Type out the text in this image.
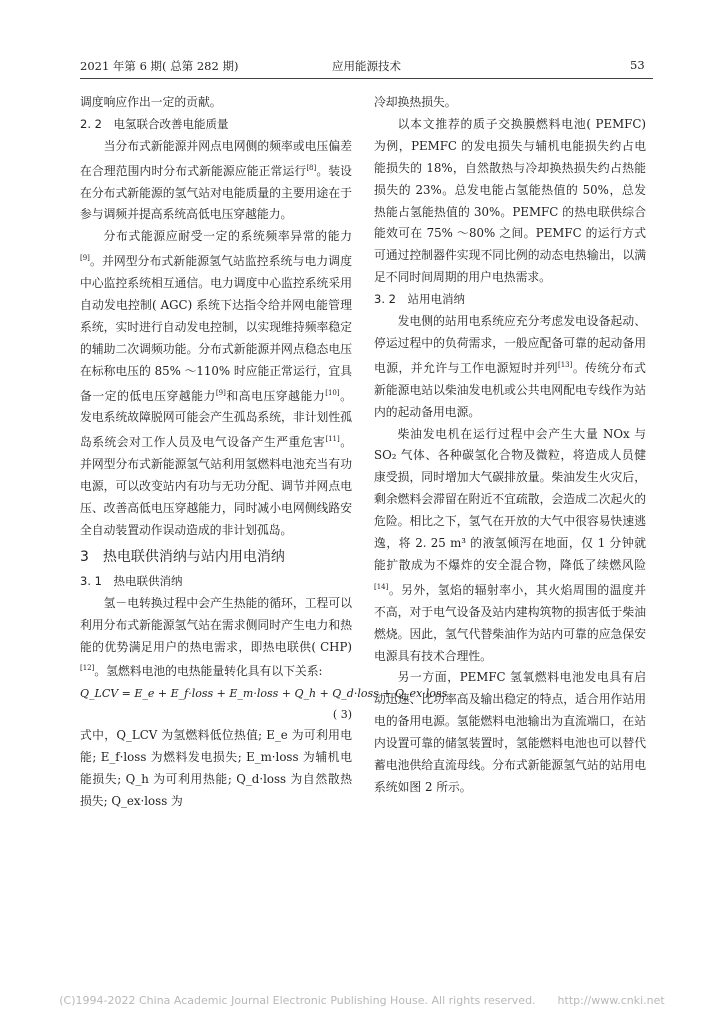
2021 年第 6 期( 总第 282 期)	应用能源技术	53

调度响应作出一定的贡献。

2. 2　电氢联合改善电能质量

当分布式新能源并网点电网侧的频率或电压偏差在合理范围内时分布式新能源应能正常运行[8]。装设在分布式新能源的氢气站对电能质量的主要用途在于参与调频并提高系统高低电压穿越能力。

分布式能源应耐受一定的系统频率异常的能力[9]。并网型分布式新能源氢气站监控系统与电力调度中心监控系统相互通信。电力调度中心监控系统采用自动发电控制( AGC) 系统下达指令给并网电能管理系统，实时进行自动发电控制，以实现维持频率稳定的辅助二次调频功能。分布式新能源并网点稳态电压在标称电压的 85% ～110% 时应能正常运行，宜具备一定的低电压穿越能力[9]和高电压穿越能力[10]。发电系统故障脱网可能会产生孤岛系统，非计划性孤岛系统会对工作人员及电气设备产生严重危害[11]。并网型分布式新能源氢气站利用氢燃料电池充当有功电源，可以改变站内有功与无功分配、调节并网点电压、改善高低电压穿越能力，同时减小电网侧线路安全自动装置动作误动造成的非计划孤岛。

3　热电联供消纳与站内用电消纳
3. 1　热电联供消纳

氢－电转换过程中会产生热能的循环，工程可以利用分布式新能源氢气站在需求侧同时产生电力和热能的优势满足用户的热电需求，即热电联供( CHP)[12]。氢燃料电池的电热能量转化具有以下关系:

Q_LCV = E_e + E_f·loss + E_m·loss + Q_h + Q_d·loss + Q_ex·loss
( 3)

式中，Q_LCV 为氢燃料低位热值; E_e 为可利用电能; E_f·loss 为燃料发电损失; E_m·loss 为辅机电能损失; Q_h 为可利用热能; Q_d·loss 为自然散热损失; Q_ex·loss 为

冷却换热损失。

以本文推荐的质子交换膜燃料电池( PEMFC) 为例，PEMFC 的发电损失与辅机电能损失约占电能损失的 18%，自然散热与冷却换热损失约占热能损失的 23%。总发电能占氢能热值的 50%，总发热能占氢能热值的 30%。PEMFC 的热电联供综合能效可在 75% ～80% 之间。PEMFC 的运行方式可通过控制器件实现不同比例的动态电热输出，以满足不同时间周期的用户电热需求。

3. 2　站用电消纳

发电侧的站用电系统应充分考虑发电设备起动、停运过程中的负荷需求，一般应配备可靠的起动备用电源，并允许与工作电源短时并列[13]。传统分布式新能源电站以柴油发电机或公共电网配电专线作为站内的起动备用电源。

柴油发电机在运行过程中会产生大量 NOx 与 SO₂ 气体、各种碳氢化合物及微粒，将造成人员健康受损，同时增加大气碳排放量。柴油发生火灾后，剩余燃料会滞留在附近不宜疏散，会造成二次起火的危险。相比之下，氢气在开放的大气中很容易快速逃逸，将 2. 25 m³ 的液氢倾泻在地面，仅 1 分钟就能扩散成为不爆炸的安全混合物，降低了续燃风险[14]。另外，氢焰的辐射率小，其火焰周围的温度并不高，对于电气设备及站内建构筑物的损害低于柴油燃烧。因此，氢气代替柴油作为站内可靠的应急保安电源具有技术合理性。

另一方面，PEMFC 氢氧燃料电池发电具有启动迅速、比功率高及输出稳定的特点，适合用作站用电的备用电源。氢能燃料电池输出为直流端口，在站内设置可靠的储氢装置时，氢能燃料电池也可以替代蓄电池供给直流母线。分布式新能源氢气站的站用电系统如图 2 所示。

(C)1994-2022 China Academic Journal Electronic Publishing House. All rights reserved.　　http://www.cnki.net
